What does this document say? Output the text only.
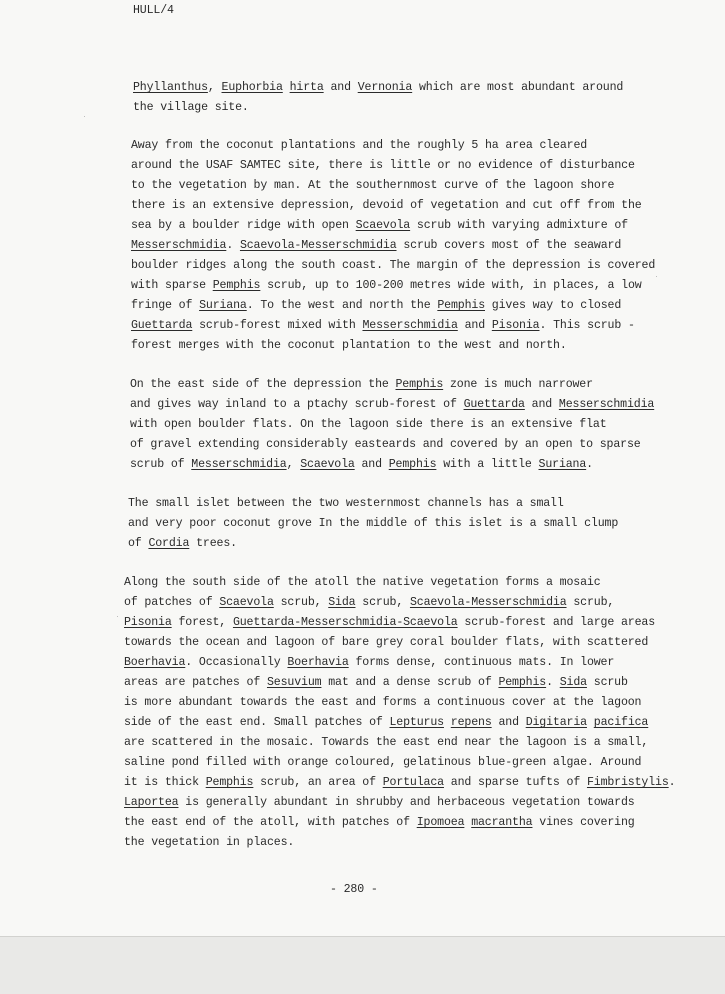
HULL/4
Phyllanthus, Euphorbia hirta and Vernonia which are most abundant around
the village site.
Away from the coconut plantations and the roughly 5 ha area cleared
around the USAF SAMTEC site, there is little or no evidence of disturbance
to the vegetation by man. At the southernmost curve of the lagoon shore
there is an extensive depression, devoid of vegetation and cut off from the
sea by a boulder ridge with open Scaevola scrub with varying admixture of
Messerschmidia. Scaevola-Messerschmidia scrub covers most of the seaward
boulder ridges along the south coast. The margin of the depression is covered
with sparse Pemphis scrub, up to 100-200 metres wide with, in places, a low
fringe of Suriana. To the west and north the Pemphis gives way to closed
Guettarda scrub-forest mixed with Messerschmidia and Pisonia. This scrub -
forest merges with the coconut plantation to the west and north.
On the east side of the depression the Pemphis zone is much narrower
and gives way inland to a ptachy scrub-forest of Guettarda and Messerschmidia
with open boulder flats. On the lagoon side there is an extensive flat
of gravel extending considerably easteards and covered by an open to sparse
scrub of Messerschmidia, Scaevola and Pemphis with a little Suriana.
The small islet between the two westernmost channels has a small
and very poor coconut grove In the middle of this islet is a small clump
of Cordia trees.
Along the south side of the atoll the native vegetation forms a mosaic
of patches of Scaevola scrub, Sida scrub, Scaevola-Messerschmidia scrub,
Pisonia forest, Guettarda-Messerschmidia-Scaevola scrub-forest and large areas
towards the ocean and lagoon of bare grey coral boulder flats, with scattered
Boerhavia. Occasionally Boerhavia forms dense, continuous mats. In lower
areas are patches of Sesuvium mat and a dense scrub of Pemphis. Sida scrub
is more abundant towards the east and forms a continuous cover at the lagoon
side of the east end. Small patches of Lepturus repens and Digitaria pacifica
are scattered in the mosaic. Towards the east end near the lagoon is a small,
saline pond filled with orange coloured, gelatinous blue-green algae. Around
it is thick Pemphis scrub, an area of Portulaca and sparse tufts of Fimbristylis.
Laportea is generally abundant in shrubby and herbaceous vegetation towards
the east end of the atoll, with patches of Ipomoea macrantha vines covering
the vegetation in places.
- 280 -
